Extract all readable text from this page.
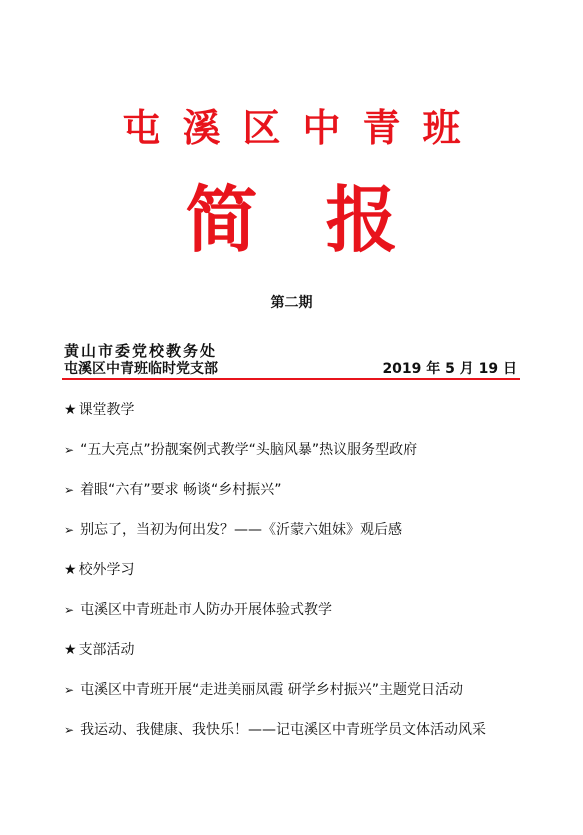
屯溪区中青班
简报
第二期
黄山市委党校教务处
屯溪区中青班临时党支部	2019 年 5 月 19 日
★ 课堂教学
➢ “五大亮点”扮靓案例式教学“头脑风暴”热议服务型政府
➢ 着眼“六有”要求 畅谈“乡村振兴”
➢ 别忘了，当初为何出发？——《沂蒙六姐妹》观后感
★ 校外学习
➢ 屯溪区中青班赴市人防办开展体验式教学
★ 支部活动
➢ 屯溪区中青班开展“走进美丽凤霞 研学乡村振兴”主题党日活动
➢ 我运动、我健康、我快乐！——记屯溪区中青班学员文体活动风采
